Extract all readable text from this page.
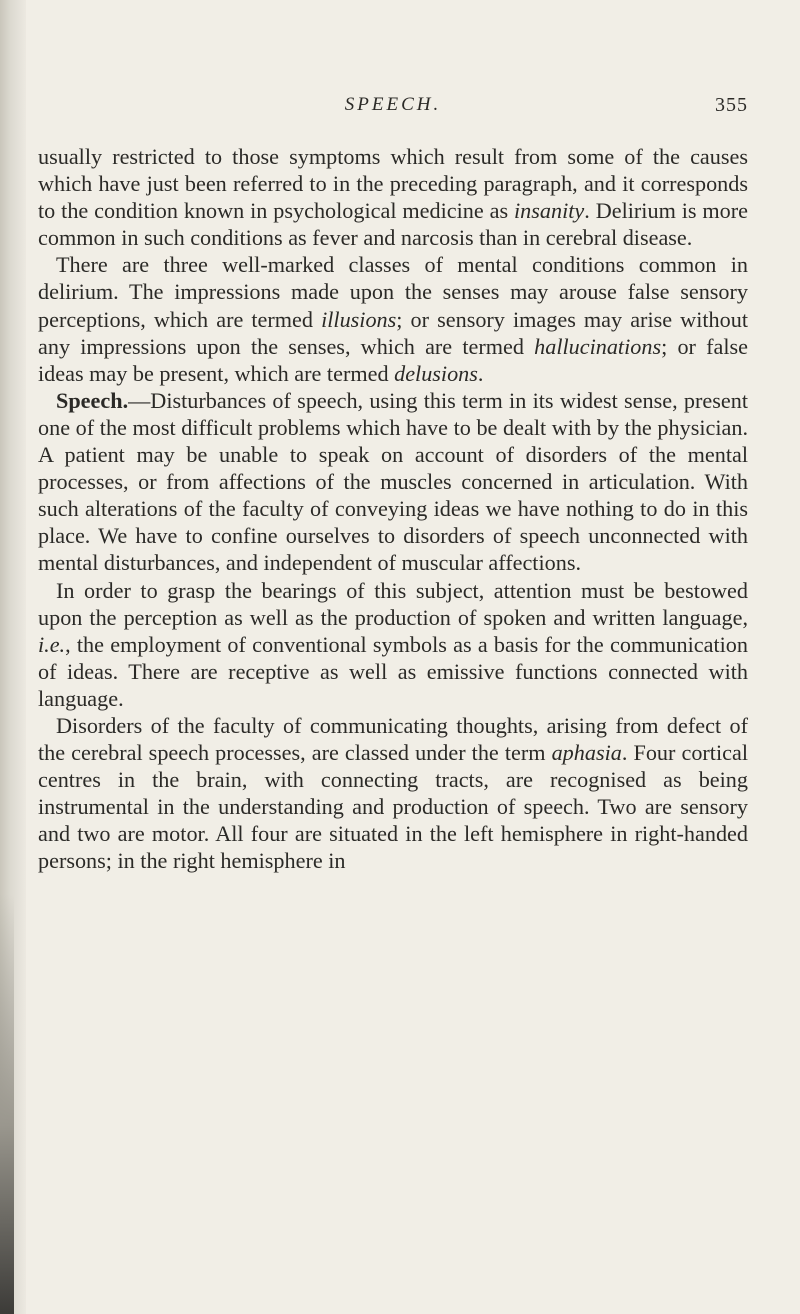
SPEECH.	355

usually restricted to those symptoms which result from some of the causes which have just been referred to in the preceding paragraph, and it corresponds to the condition known in psychological medicine as insanity. Delirium is more common in such conditions as fever and narcosis than in cerebral disease.

There are three well-marked classes of mental conditions common in delirium. The impressions made upon the senses may arouse false sensory perceptions, which are termed illusions; or sensory images may arise without any impressions upon the senses, which are termed hallucinations; or false ideas may be present, which are termed delusions.

Speech.—Disturbances of speech, using this term in its widest sense, present one of the most difficult problems which have to be dealt with by the physician. A patient may be unable to speak on account of disorders of the mental processes, or from affections of the muscles concerned in articulation. With such alterations of the faculty of conveying ideas we have nothing to do in this place. We have to confine ourselves to disorders of speech unconnected with mental disturbances, and independent of muscular affections.

In order to grasp the bearings of this subject, attention must be bestowed upon the perception as well as the production of spoken and written language, i.e., the employment of conventional symbols as a basis for the communication of ideas. There are receptive as well as emissive functions connected with language.

Disorders of the faculty of communicating thoughts, arising from defect of the cerebral speech processes, are classed under the term aphasia. Four cortical centres in the brain, with connecting tracts, are recognised as being instrumental in the understanding and production of speech. Two are sensory and two are motor. All four are situated in the left hemisphere in right-handed persons; in the right hemisphere in
